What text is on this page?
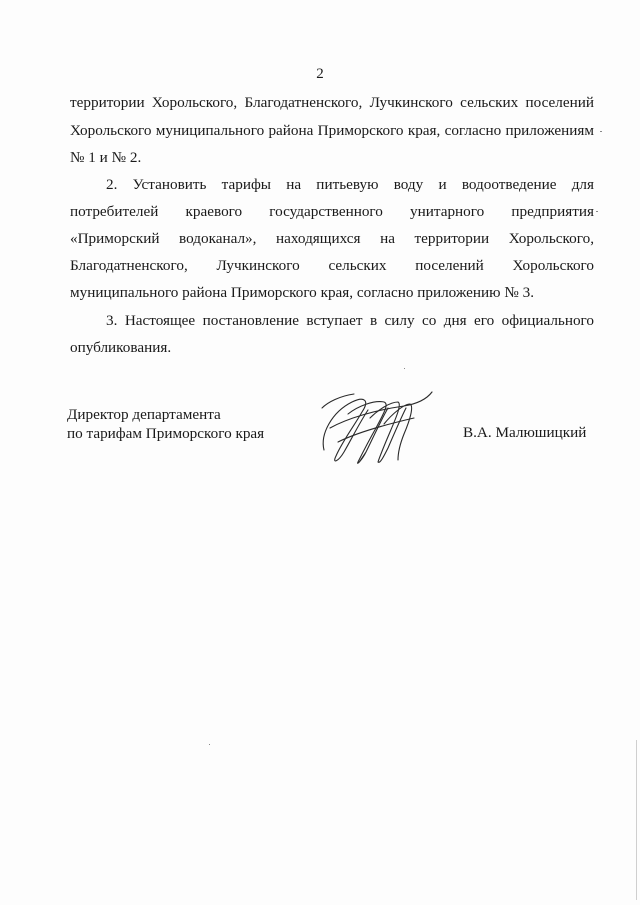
2
территории Хорольского, Благодатненского, Лучкинского сельских поселений
Хорольского муниципального района Приморского края, согласно приложениям
№ 1 и № 2.
2. Установить тарифы на питьевую воду и водоотведение для
потребителей краевого государственного унитарного предприятия
«Приморский водоканал», находящихся на территории Хорольского,
Благодатненского, Лучкинского сельских поселений Хорольского
муниципального района Приморского края, согласно приложению № 3.
3. Настоящее постановление вступает в силу со дня его официального
опубликования.
Директор департамента
по тарифам Приморского края	В.А. Малюшицкий
